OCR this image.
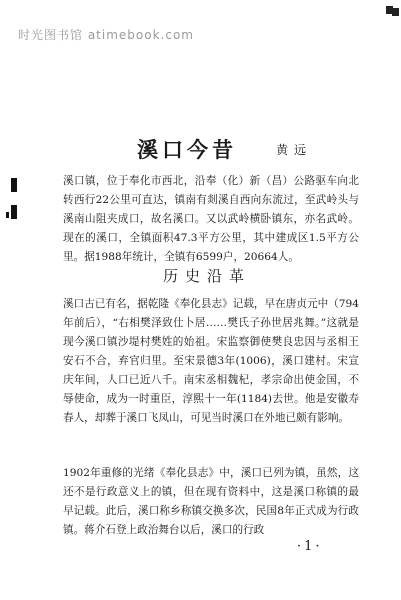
时光图书馆 atimebook.com
溪口今昔	黄远

溪口镇，位于奉化市西北，沿奉（化）新（昌）公路驱车向北转西行22公里可直达，镇南有剡溪自西向东流过，至武岭头与溪南山阻夹成口，故名溪口。又以武岭横卧镇东，亦名武岭。现在的溪口，全镇面积47.3平方公里，其中建成区1.5平方公里。据1988年统计，全镇有6599户，20664人。

历史沿革

溪口古已有名，据乾隆《奉化县志》记载，早在唐贞元中（794年前后），“右相樊泽致仕卜居……樊氏子孙世居兆舞。”这就是现今溪口镇沙堤村樊姓的始祖。宋监察御使樊良忠因与丞相王安石不合，弃官归里。至宋景德3年(1006)，溪口建村。宋宣庆年间，人口已近八千。南宋丞相魏杞，孝宗命出使金国，不辱使命，成为一时重臣，淳熙十一年(1184)去世。他是安徽寿春人，却葬于溪口飞凤山，可见当时溪口在外地已颇有影响。

1902年重修的光绪《奉化县志》中，溪口已列为镇，虽然，这还不是行政意义上的镇，但在现有资料中，这是溪口称镇的最早记载。此后，溪口称乡称镇交换多次，民国8年正式成为行政镇。蒋介石登上政治舞台以后，溪口的行政

·1·
